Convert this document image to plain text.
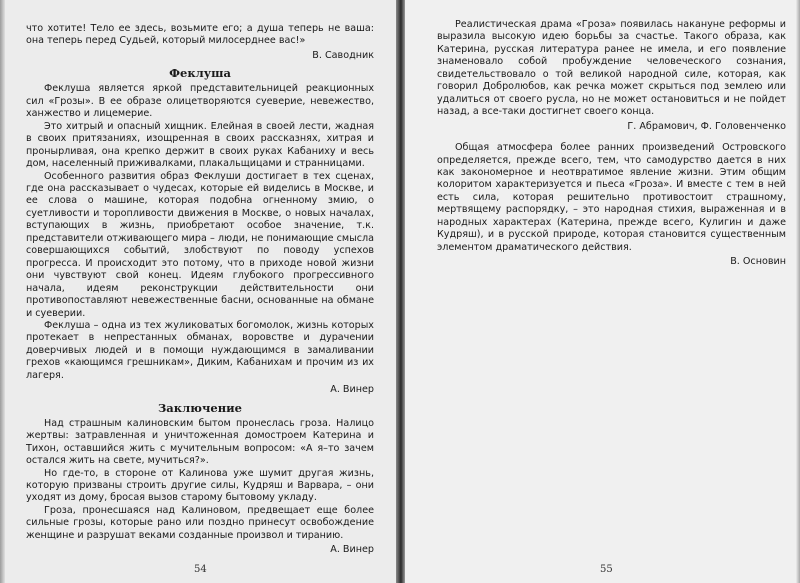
что хотите! Тело ее здесь, возьмите его; а душа теперь не ваша: она теперь перед Судьей, который милосерднее вас!»

В. Саводник
Феклуша

Феклуша является яркой представительницей реакционных сил «Грозы». В ее образе олицетворяются суеверие, невежество, ханжество и лицемерие.

Это хитрый и опасный хищник. Елейная в своей лести, жадная в своих притязаниях, изощренная в своих рассказнях, хитрая и пронырливая, она крепко держит в своих руках Кабаниху и весь дом, населенный приживалками, плакальщицами и странницами.

Особенного развития образ Феклуши достигает в тех сценах, где она рассказывает о чудесах, которые ей виделись в Москве, и ее слова о машине, которая подобна огненному змию, о суетливости и торопливости движения в Москве, о новых началах, вступающих в жизнь, приобретают особое значение, т.к. представители отживающего мира – люди, не понимающие смысла совершающихся событий, злобствуют по поводу успехов прогресса. И происходит это потому, что в приходе новой жизни они чувствуют свой конец. Идеям глубокого прогрессивного начала, идеям реконструкции действительности они противопоставляют невежественные басни, основанные на обмане и суеверии.

Феклуша – одна из тех жуликоватых богомолок, жизнь которых протекает в непрестанных обманах, воровстве и дурачении доверчивых людей и в помощи нуждающимся в замаливании грехов «кающимся грешникам», Диким, Кабаниxам и прочим из их лагеря.

А. Винер
Заключение

Над страшным калиновским бытом пронеслась гроза. Налицо жертвы: затравленная и уничтоженная домостроем Катерина и Тихон, оставшийся жить с мучительным вопросом: «А я–то зачем остался жить на свете, мучиться?».

Но где-то, в стороне от Калинова уже шумит другая жизнь, которую призваны строить другие силы, Кудряш и Варвара, – они уходят из дому, бросая вызов старому бытовому укладу.

Гроза, пронесшаяся над Калиновом, предвещает еще более сильные грозы, которые рано или поздно принесут освобождение женщине и разрушат веками созданные произвол и тиранию.

А. Винер

Реалистическая драма «Гроза» появилась накануне реформы и выразила высокую идею борьбы за счастье. Такого образа, как Катерина, русская литература ранее не имела, и его появление знаменовало собой пробуждение человеческого сознания, свидетельствовало о той великой народной силе, которая, как говорил Добролюбов, как речка может скрыться под землею или удалиться от своего русла, но не может остановиться и не пойдет назад, а все-таки достигнет своего конца.

Г. Абрамович, Ф. Головенченко

Общая атмосфера более ранних произведений Островского определяется, прежде всего, тем, что самодурство дается в них как закономерное и неотвратимое явление жизни. Этим общим колоритом характеризуется и пьеса «Гроза». И вместе с тем в ней есть сила, которая решительно противостоит страшному, мертвящему распорядку, – это народная стихия, выраженная и в народных характерах (Катерина, прежде всего, Кулигин и даже Кудряш), и в русской природе, которая становится существенным элементом драматического действия.

В. Основин
54	55
